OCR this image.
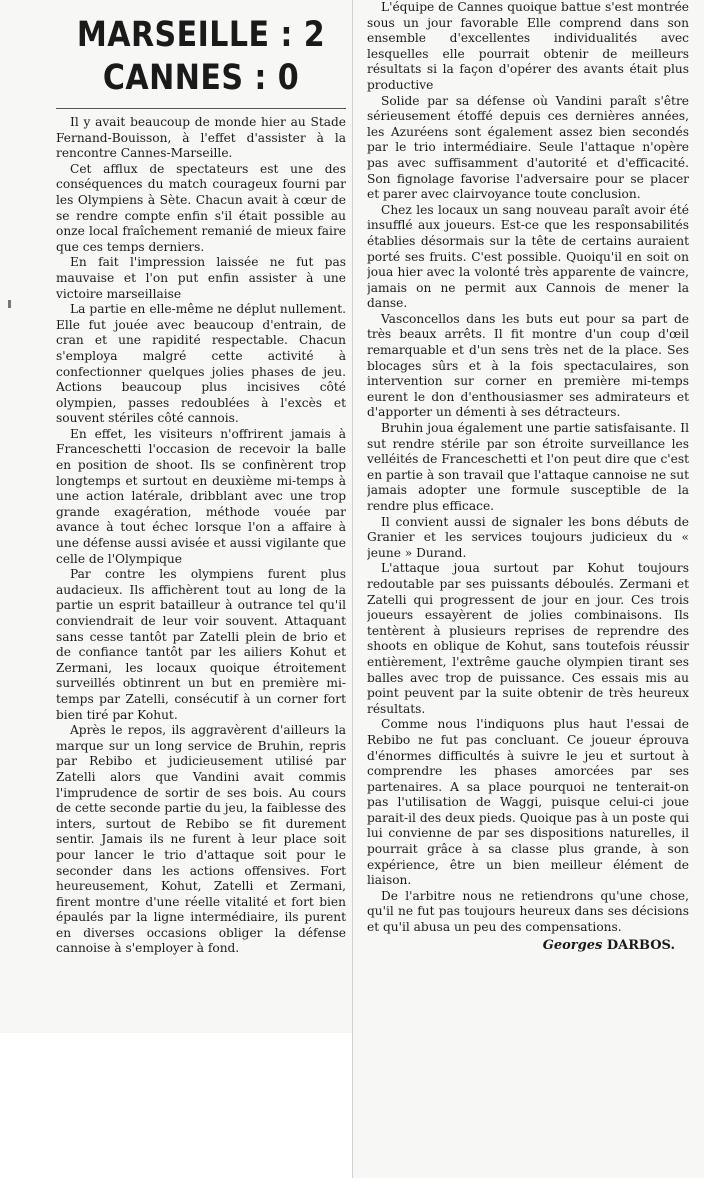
MARSEILLE : 2
CANNES : 0

Il y avait beaucoup de monde hier au Stade Fernand-Bouisson, à l'effet d'assister à la rencontre Cannes-Marseille.

Cet afflux de spectateurs est une des conséquences du match courageux fourni par les Olympiens à Sète. Chacun avait à cœur de se rendre compte enfin s'il était possible au onze local fraîchement remanié de mieux faire que ces temps derniers.

En fait l'impression laissée ne fut pas mauvaise et l'on put enfin assister à une victoire marseillaise

La partie en elle-même ne déplut nullement. Elle fut jouée avec beaucoup d'entrain, de cran et une rapidité respectable. Chacun s'employa malgré cette activité à confectionner quelques jolies phases de jeu. Actions beaucoup plus incisives côté olympien, passes redoublées à l'excès et souvent stériles côté cannois.

En effet, les visiteurs n'offrirent jamais à Franceschetti l'occasion de recevoir la balle en position de shoot. Ils se confinèrent trop longtemps et surtout en deuxième mi-temps à une action latérale, dribblant avec une trop grande exagération, méthode vouée par avance à tout échec lorsque l'on a affaire à une défense aussi avisée et aussi vigilante que celle de l'Olympique

Par contre les olympiens furent plus audacieux. Ils affichèrent tout au long de la partie un esprit batailleur à outrance tel qu'il conviendrait de leur voir souvent. Attaquant sans cesse tantôt par Zatelli plein de brio et de confiance tantôt par les ailiers Kohut et Zermani, les locaux quoique étroitement surveillés obtinrent un but en première mi-temps par Zatelli, consécutif à un corner fort bien tiré par Kohut.

Après le repos, ils aggravèrent d'ailleurs la marque sur un long service de Bruhin, repris par Rebibo et judicieusement utilisé par Zatelli alors que Vandini avait commis l'imprudence de sortir de ses bois. Au cours de cette seconde partie du jeu, la faiblesse des inters, surtout de Rebibo se fit durement sentir. Jamais ils ne furent à leur place soit pour lancer le trio d'attaque soit pour le seconder dans les actions offensives. Fort heureusement, Kohut, Zatelli et Zermani, firent montre d'une réelle vitalité et fort bien épaulés par la ligne intermédiaire, ils purent en diverses occasions obliger la défense cannoise à s'employer à fond.

L'équipe de Cannes quoique battue s'est montrée sous un jour favorable Elle comprend dans son ensemble d'excellentes individualités avec lesquelles elle pourrait obtenir de meilleurs résultats si la façon d'opérer des avants était plus productive

Solide par sa défense où Vandini paraît s'être sérieusement étoffé depuis ces dernières années, les Azuréens sont également assez bien secondés par le trio intermédiaire. Seule l'attaque n'opère pas avec suffisamment d'autorité et d'efficacité. Son fignolage favorise l'adversaire pour se placer et parer avec clairvoyance toute conclusion.

Chez les locaux un sang nouveau paraît avoir été insufflé aux joueurs. Est-ce que les responsabilités établies désormais sur la tête de certains auraient porté ses fruits. C'est possible. Quoiqu'il en soit on joua hier avec la volonté très apparente de vaincre, jamais on ne permit aux Cannois de mener la danse.

Vasconcellos dans les buts eut pour sa part de très beaux arrêts. Il fit montre d'un coup d'œil remarquable et d'un sens très net de la place. Ses blocages sûrs et à la fois spectaculaires, son intervention sur corner en première mi-temps eurent le don d'enthousiasmer ses admirateurs et d'apporter un démenti à ses détracteurs.

Bruhin joua également une partie satisfaisante. Il sut rendre stérile par son étroite surveillance les velléités de Franceschetti et l'on peut dire que c'est en partie à son travail que l'attaque cannoise ne sut jamais adopter une formule susceptible de la rendre plus efficace.

Il convient aussi de signaler les bons débuts de Granier et les services toujours judicieux du « jeune » Durand.

L'attaque joua surtout par Kohut toujours redoutable par ses puissants déboulés. Zermani et Zatelli qui progressent de jour en jour. Ces trois joueurs essayèrent de jolies combinaisons. Ils tentèrent à plusieurs reprises de reprendre des shoots en oblique de Kohut, sans toutefois réussir entièrement, l'extrême gauche olympien tirant ses balles avec trop de puissance. Ces essais mis au point peuvent par la suite obtenir de très heureux résultats.

Comme nous l'indiquons plus haut l'essai de Rebibo ne fut pas concluant. Ce joueur éprouva d'énormes difficultés à suivre le jeu et surtout à comprendre les phases amorcées par ses partenaires. A sa place pourquoi ne tenterait-on pas l'utilisation de Waggi, puisque celui-ci joue parait-il des deux pieds. Quoique pas à un poste qui lui convienne de par ses dispositions naturelles, il pourrait grâce à sa classe plus grande, à son expérience, être un bien meilleur élément de liaison.

De l'arbitre nous ne retiendrons qu'une chose, qu'il ne fut pas toujours heureux dans ses décisions et qu'il abusa un peu des compensations.

Georges DARBOS.
